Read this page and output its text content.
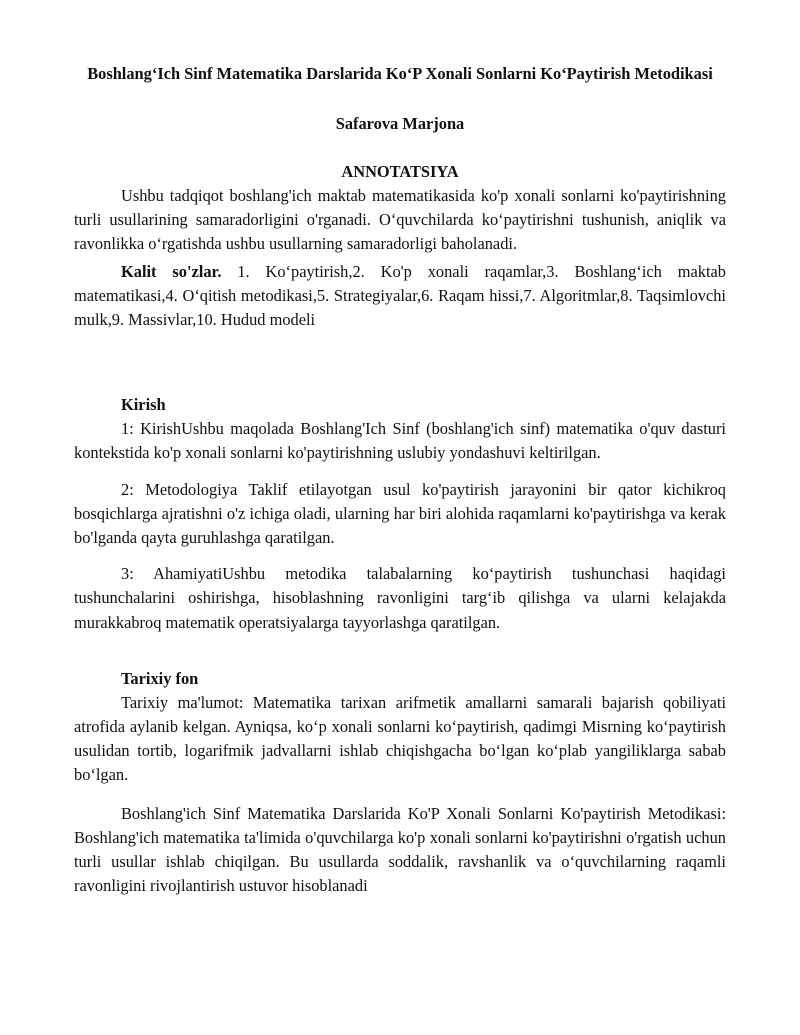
Boshlang‘Ich Sinf Matematika Darslarida Ko‘P Xonali Sonlarni Ko‘Paytirish Metodikasi
Safarova Marjona
ANNOTATSIYA

Ushbu tadqiqot boshlang'ich maktab matematikasida ko'p xonali sonlarni ko'paytirishning turli usullarining samaradorligini o'rganadi. O‘quvchilarda ko‘paytirishni tushunish, aniqlik va ravonlikka o‘rgatishda ushbu usullarning samaradorligi baholanadi.

Kalit so'zlar. 1. Ko‘paytirish,2. Ko'p xonali raqamlar,3. Boshlang‘ich maktab matematikasi,4. O‘qitish metodikasi,5. Strategiyalar,6. Raqam hissi,7. Algoritmlar,8. Taqsimlovchi mulk,9. Massivlar,10. Hudud modeli

Kirish

1: KirishUshbu maqolada Boshlang'Ich Sinf (boshlang'ich sinf) matematika o'quv dasturi kontekstida ko'p xonali sonlarni ko'paytirishning uslubiy yondashuvi keltirilgan.

2: Metodologiya Taklif etilayotgan usul ko'paytirish jarayonini bir qator kichikroq bosqichlarga ajratishni o'z ichiga oladi, ularning har biri alohida raqamlarni ko'paytirishga va kerak bo'lganda qayta guruhlashga qaratilgan.

3: AhamiyatiUshbu metodika talabalarning ko‘paytirish tushunchasi haqidagi tushunchalarini oshirishga, hisoblashning ravonligini targ‘ib qilishga va ularni kelajakda murakkabroq matematik operatsiyalarga tayyorlashga qaratilgan.

Tarixiy fon

Tarixiy ma'lumot: Matematika tarixan arifmetik amallarni samarali bajarish qobiliyati atrofida aylanib kelgan. Ayniqsa, ko‘p xonali sonlarni ko‘paytirish, qadimgi Misrning ko‘paytirish usulidan tortib, logarifmik jadvallarni ishlab chiqishgacha bo‘lgan ko‘plab yangiliklarga sabab bo‘lgan.

Boshlang'ich Sinf Matematika Darslarida Ko'P Xonali Sonlarni Ko'paytirish Metodikasi: Boshlang'ich matematika ta'limida o'quvchilarga ko'p xonali sonlarni ko'paytirishni o'rgatish uchun turli usullar ishlab chiqilgan. Bu usullarda soddalik, ravshanlik va o‘quvchilarning raqamli ravonligini rivojlantirish ustuvor hisoblanadi
